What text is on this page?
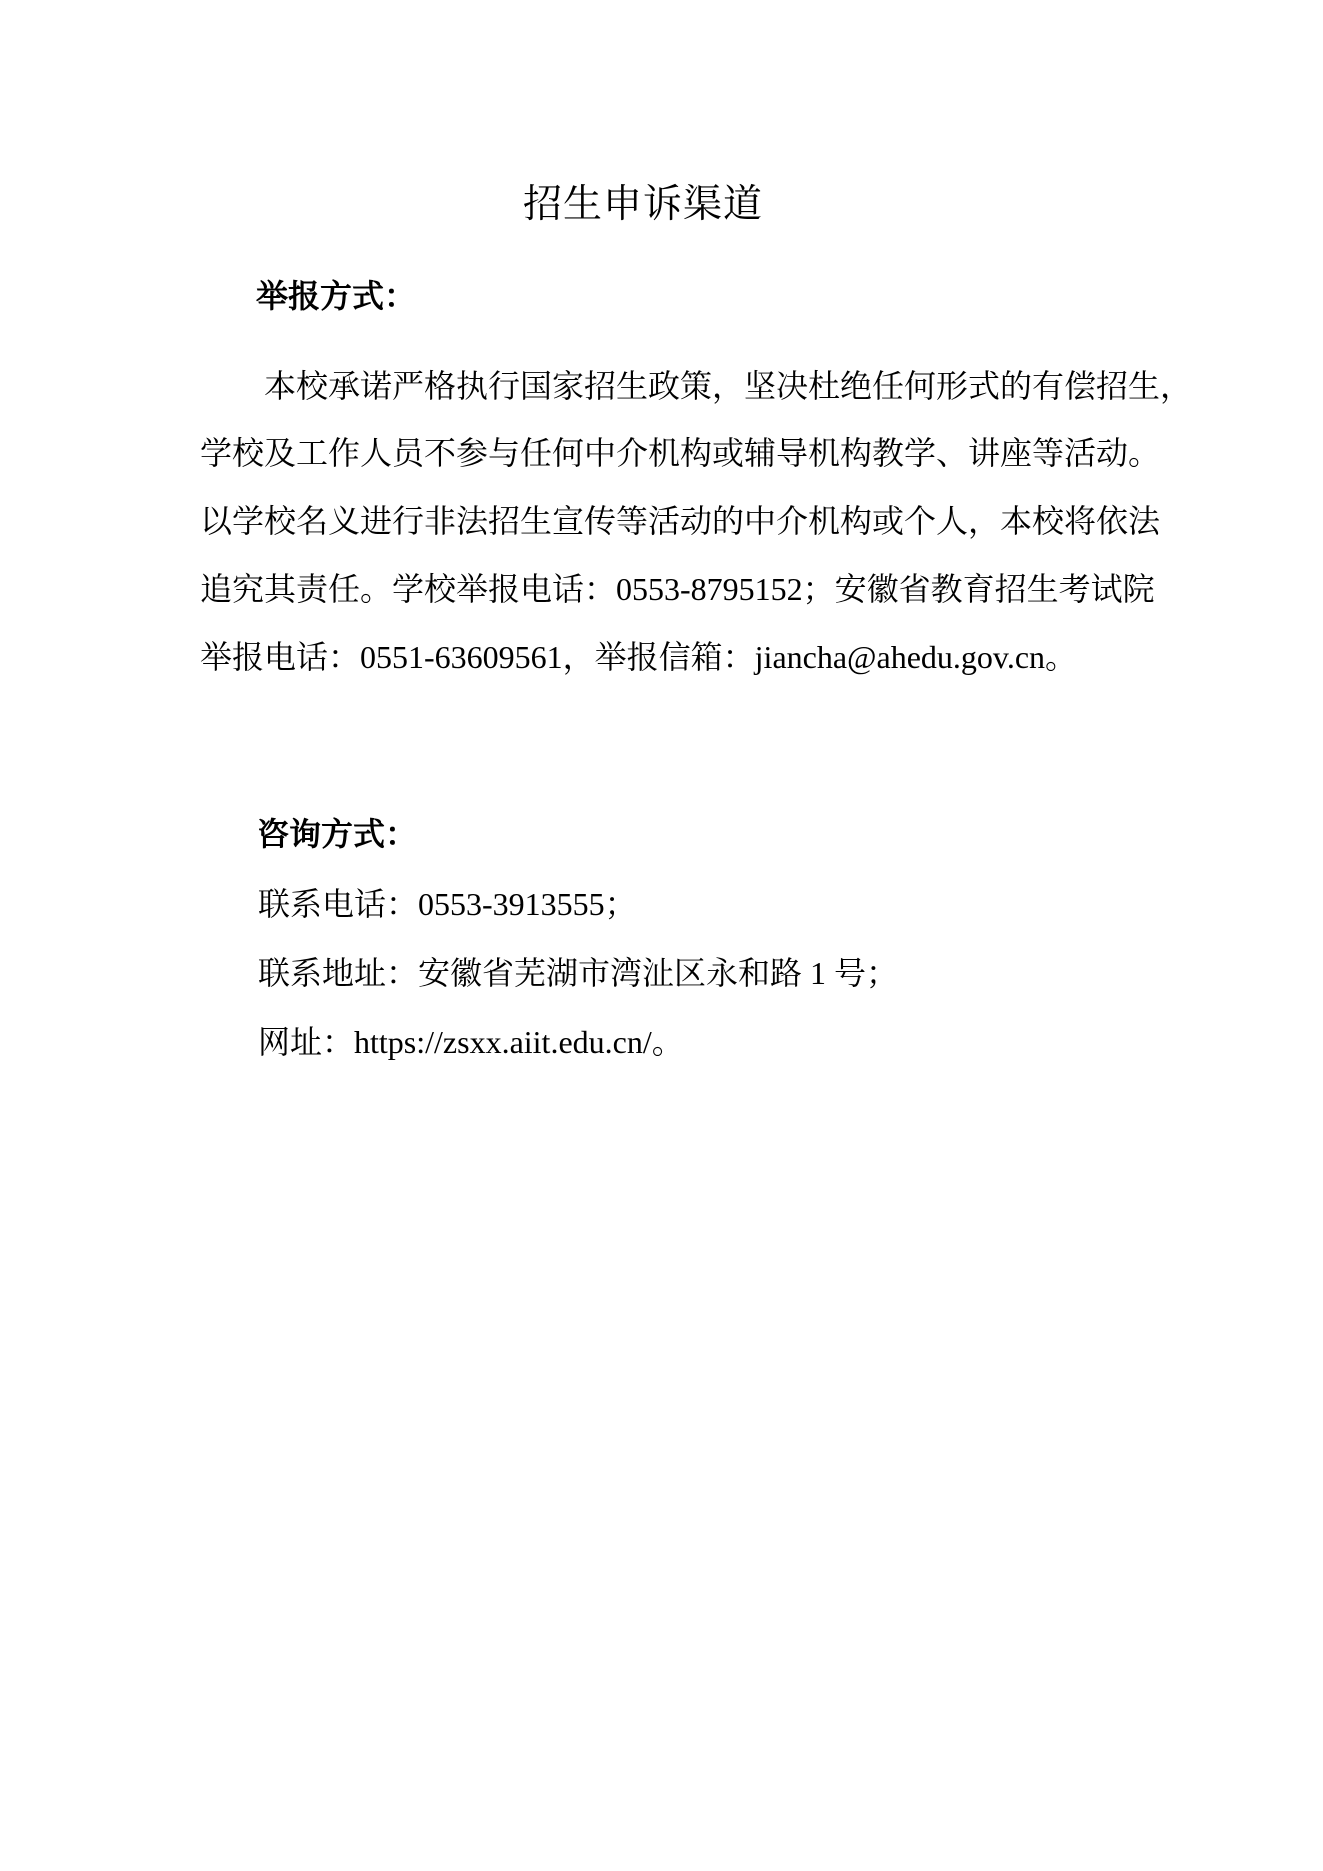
招生申诉渠道
举报方式：
本校承诺严格执行国家招生政策，坚决杜绝任何形式的有偿招生，
学校及工作人员不参与任何中介机构或辅导机构教学、讲座等活动。
以学校名义进行非法招生宣传等活动的中介机构或个人，本校将依法
追究其责任。学校举报电话：0553-8795152；安徽省教育招生考试院
举报电话：0551-63609561，举报信箱：jiancha@ahedu.gov.cn。
咨询方式：
联系电话：0553-3913555；
联系地址：安徽省芜湖市湾沚区永和路 1 号；
网址：https://zsxx.aiit.edu.cn/。
